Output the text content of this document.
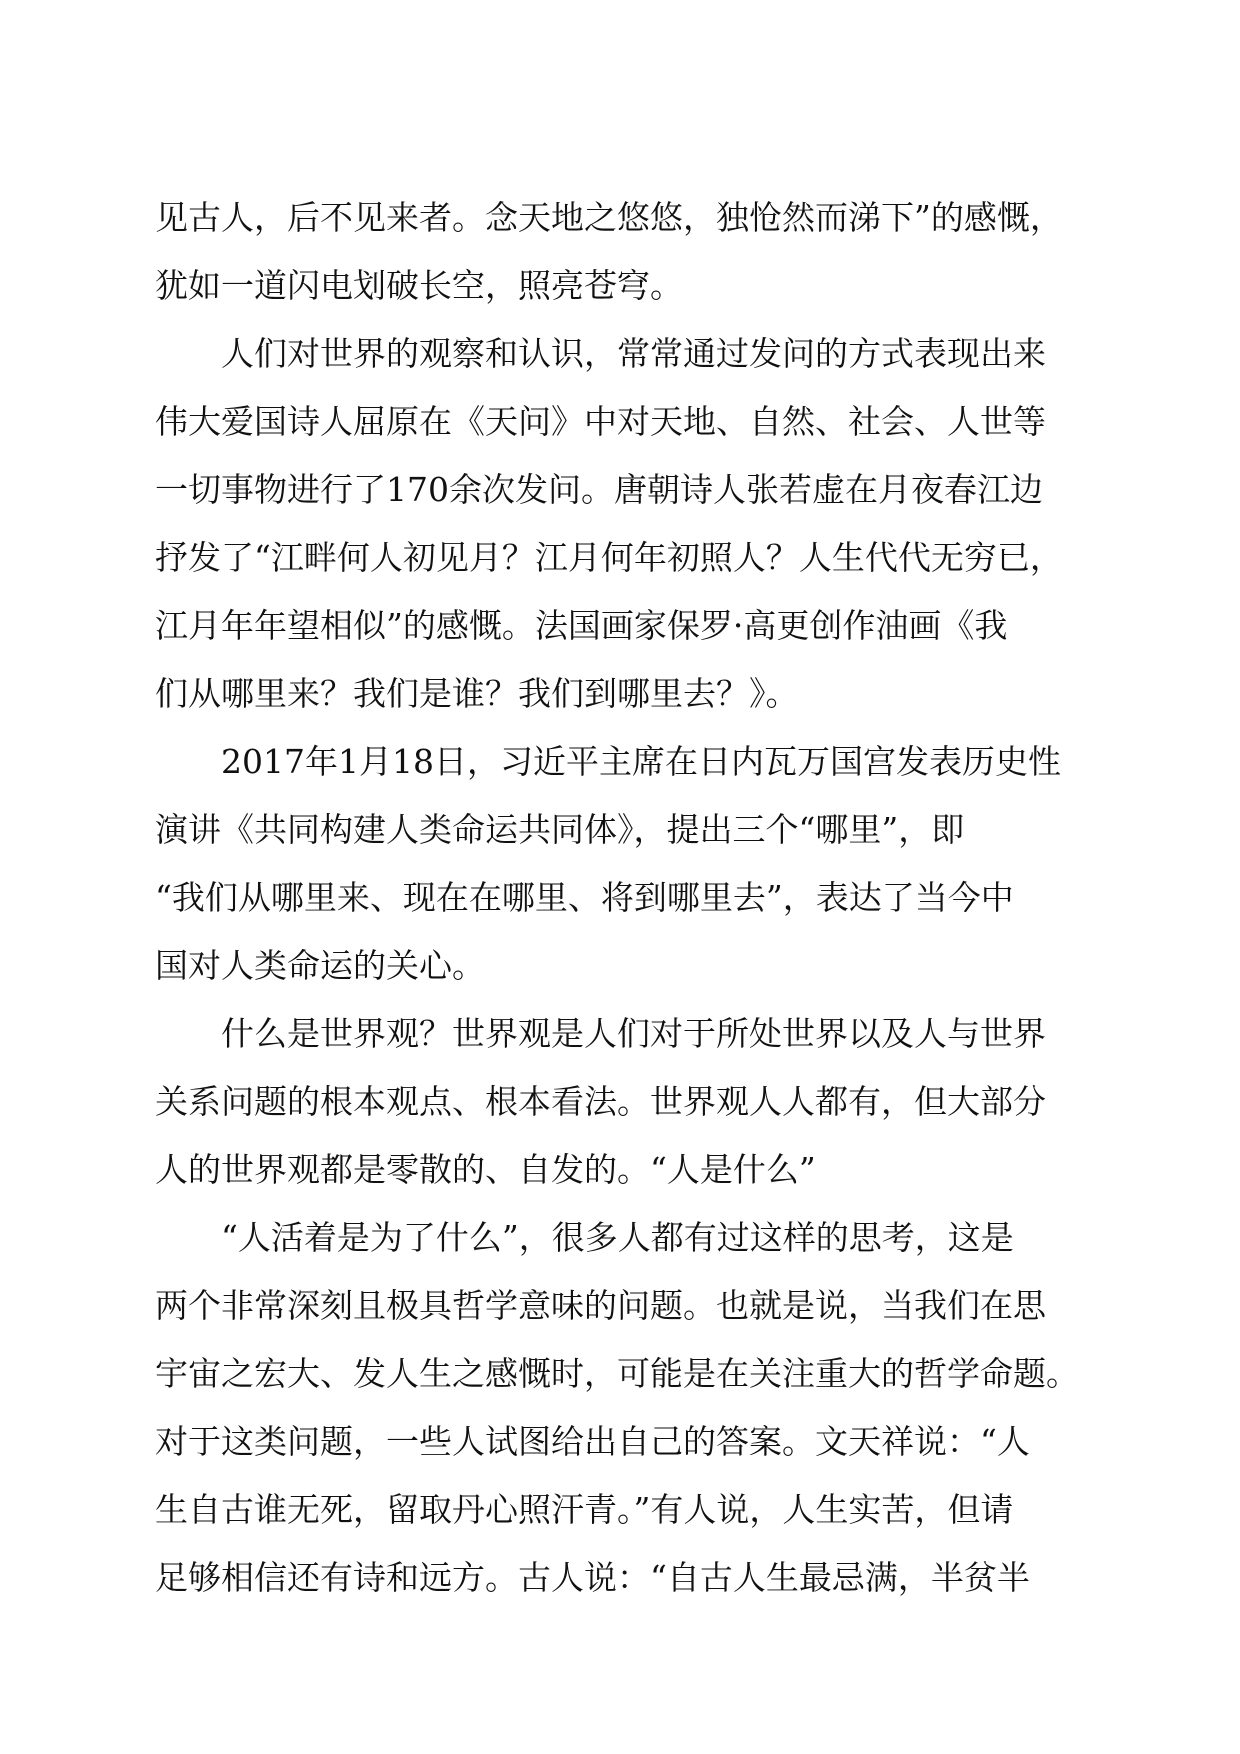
见古人，后不见来者。念天地之悠悠，独怆然而涕下”的感慨，
犹如一道闪电划破长空，照亮苍穹。
人们对世界的观察和认识，常常通过发问的方式表现出来
伟大爱国诗人屈原在《天问》中对天地、自然、社会、人世等
一切事物进行了170余次发问。唐朝诗人张若虚在月夜春江边
抒发了“江畔何人初见月？江月何年初照人？人生代代无穷已，
江月年年望相似”的感慨。法国画家保罗·高更创作油画《我
们从哪里来？我们是谁？我们到哪里去？》。
2017年1月18日，习近平主席在日内瓦万国宫发表历史性
演讲《共同构建人类命运共同体》，提出三个“哪里”，即
“我们从哪里来、现在在哪里、将到哪里去”，表达了当今中
国对人类命运的关心。
什么是世界观？世界观是人们对于所处世界以及人与世界
关系问题的根本观点、根本看法。世界观人人都有，但大部分
人的世界观都是零散的、自发的。“人是什么”
“人活着是为了什么”，很多人都有过这样的思考，这是
两个非常深刻且极具哲学意味的问题。也就是说，当我们在思
宇宙之宏大、发人生之感慨时，可能是在关注重大的哲学命题。
对于这类问题，一些人试图给出自己的答案。文天祥说：“人
生自古谁无死，留取丹心照汗青。”有人说，人生实苦，但请
足够相信还有诗和远方。古人说：“自古人生最忌满，半贫半
